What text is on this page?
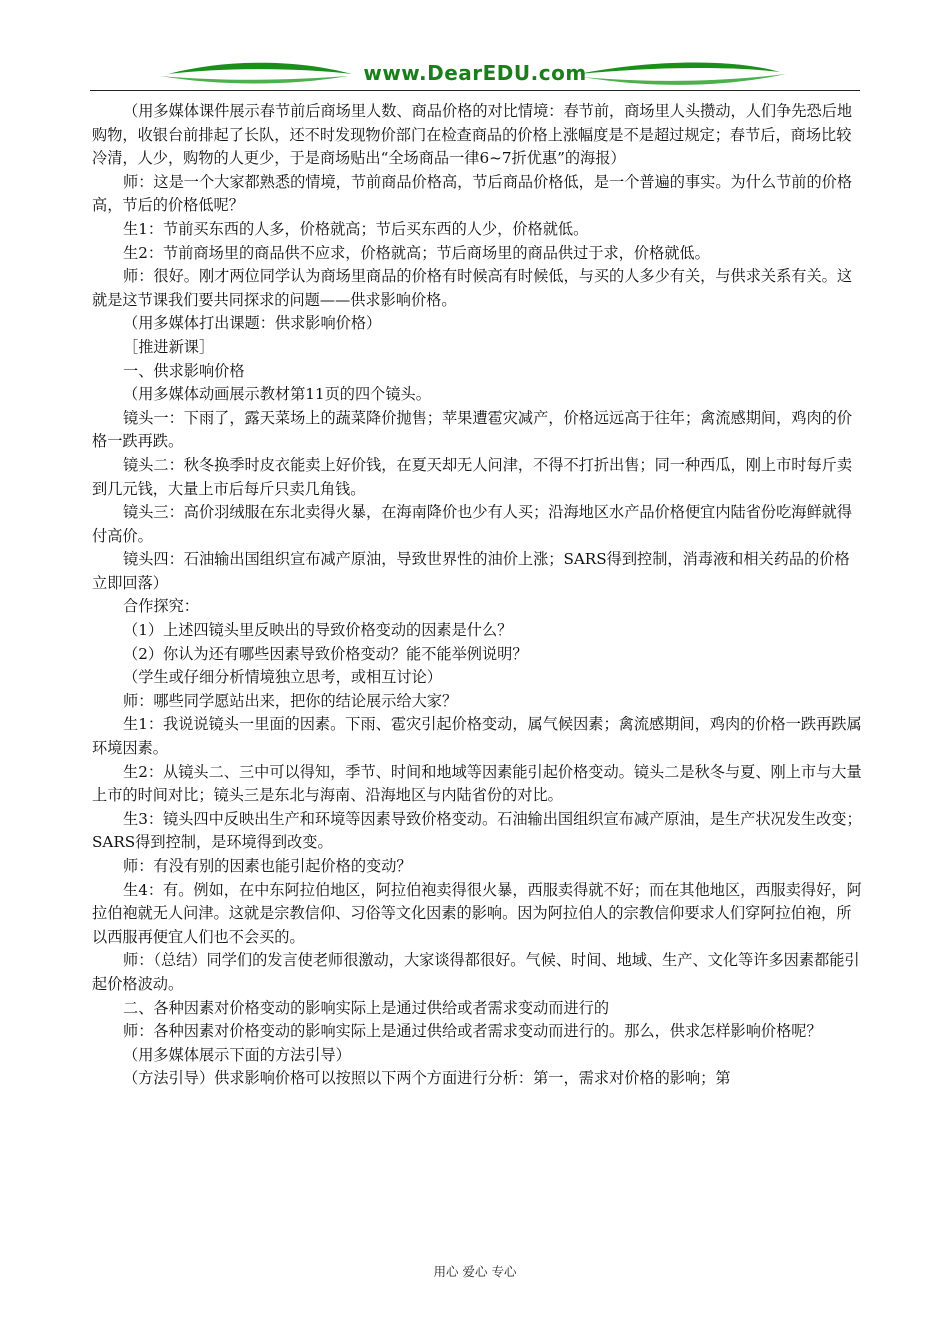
www.DearEDU.com

（用多媒体课件展示春节前后商场里人数、商品价格的对比情境：春节前，商场里人头攒动，人们争先恐后地购物，收银台前排起了长队，还不时发现物价部门在检查商品的价格上涨幅度是不是超过规定；春节后，商场比较冷清，人少，购物的人更少，于是商场贴出“全场商品一律6~7折优惠”的海报）

师：这是一个大家都熟悉的情境，节前商品价格高，节后商品价格低，是一个普遍的事实。为什么节前的价格高，节后的价格低呢？

生1：节前买东西的人多，价格就高；节后买东西的人少，价格就低。

生2：节前商场里的商品供不应求，价格就高；节后商场里的商品供过于求，价格就低。

师：很好。刚才两位同学认为商场里商品的价格有时候高有时候低，与买的人多少有关，与供求关系有关。这就是这节课我们要共同探求的问题——供求影响价格。

（用多媒体打出课题：供求影响价格）

［推进新课］

一、供求影响价格

（用多媒体动画展示教材第11页的四个镜头。

镜头一：下雨了，露天菜场上的蔬菜降价抛售；苹果遭雹灾减产，价格远远高于往年；禽流感期间，鸡肉的价格一跌再跌。

镜头二：秋冬换季时皮衣能卖上好价钱，在夏天却无人问津，不得不打折出售；同一种西瓜，刚上市时每斤卖到几元钱，大量上市后每斤只卖几角钱。

镜头三：高价羽绒服在东北卖得火暴，在海南降价也少有人买；沿海地区水产品价格便宜内陆省份吃海鲜就得付高价。

镜头四：石油输出国组织宣布减产原油，导致世界性的油价上涨；SARS得到控制，消毒液和相关药品的价格立即回落）

合作探究：

（1）上述四镜头里反映出的导致价格变动的因素是什么？

（2）你认为还有哪些因素导致价格变动？能不能举例说明？

（学生或仔细分析情境独立思考，或相互讨论）

师：哪些同学愿站出来，把你的结论展示给大家？

生1：我说说镜头一里面的因素。下雨、雹灾引起价格变动，属气候因素；禽流感期间，鸡肉的价格一跌再跌属环境因素。

生2：从镜头二、三中可以得知，季节、时间和地域等因素能引起价格变动。镜头二是秋冬与夏、刚上市与大量上市的时间对比；镜头三是东北与海南、沿海地区与内陆省份的对比。

生3：镜头四中反映出生产和环境等因素导致价格变动。石油输出国组织宣布减产原油，是生产状况发生改变；SARS得到控制，是环境得到改变。

师：有没有别的因素也能引起价格的变动？

生4：有。例如，在中东阿拉伯地区，阿拉伯袍卖得很火暴，西服卖得就不好；而在其他地区，西服卖得好，阿拉伯袍就无人问津。这就是宗教信仰、习俗等文化因素的影响。因为阿拉伯人的宗教信仰要求人们穿阿拉伯袍，所以西服再便宜人们也不会买的。

师：（总结）同学们的发言使老师很激动，大家谈得都很好。气候、时间、地域、生产、文化等许多因素都能引起价格波动。

二、各种因素对价格变动的影响实际上是通过供给或者需求变动而进行的

师：各种因素对价格变动的影响实际上是通过供给或者需求变动而进行的。那么，供求怎样影响价格呢？

（用多媒体展示下面的方法引导）

（方法引导）供求影响价格可以按照以下两个方面进行分析：第一，需求对价格的影响；第

用心 爱心 专心
